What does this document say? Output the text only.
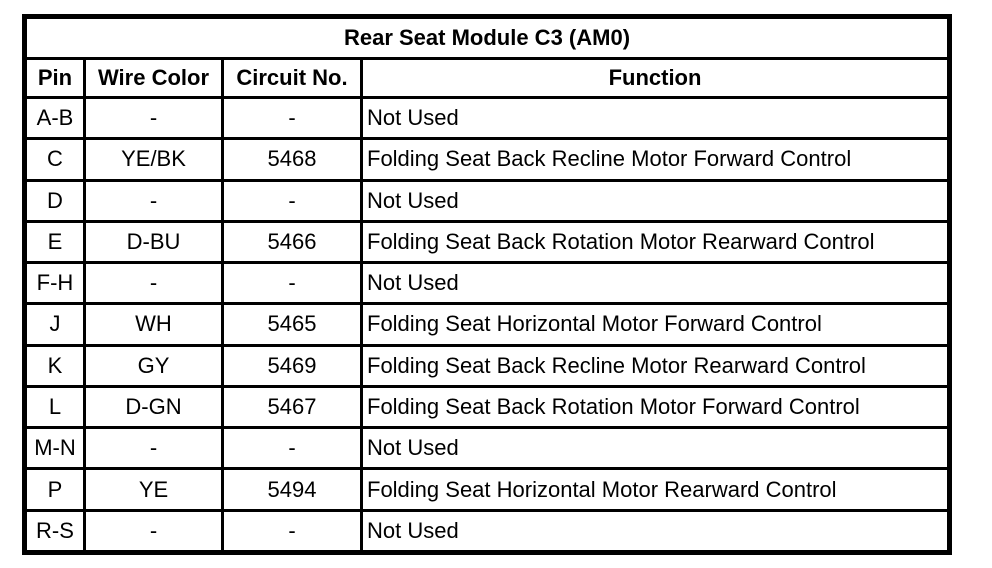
Rear Seat Module C3 (AM0)			
Pin	Wire Color	Circuit No.	Function
A-B	-	-	Not Used
C	YE/BK	5468	Folding Seat Back Recline Motor Forward Control
D	-	-	Not Used
E	D-BU	5466	Folding Seat Back Rotation Motor Rearward Control
F-H	-	-	Not Used
J	WH	5465	Folding Seat Horizontal Motor Forward Control
K	GY	5469	Folding Seat Back Recline Motor Rearward Control
L	D-GN	5467	Folding Seat Back Rotation Motor Forward Control
M-N	-	-	Not Used
P	YE	5494	Folding Seat Horizontal Motor Rearward Control
R-S	-	-	Not Used
